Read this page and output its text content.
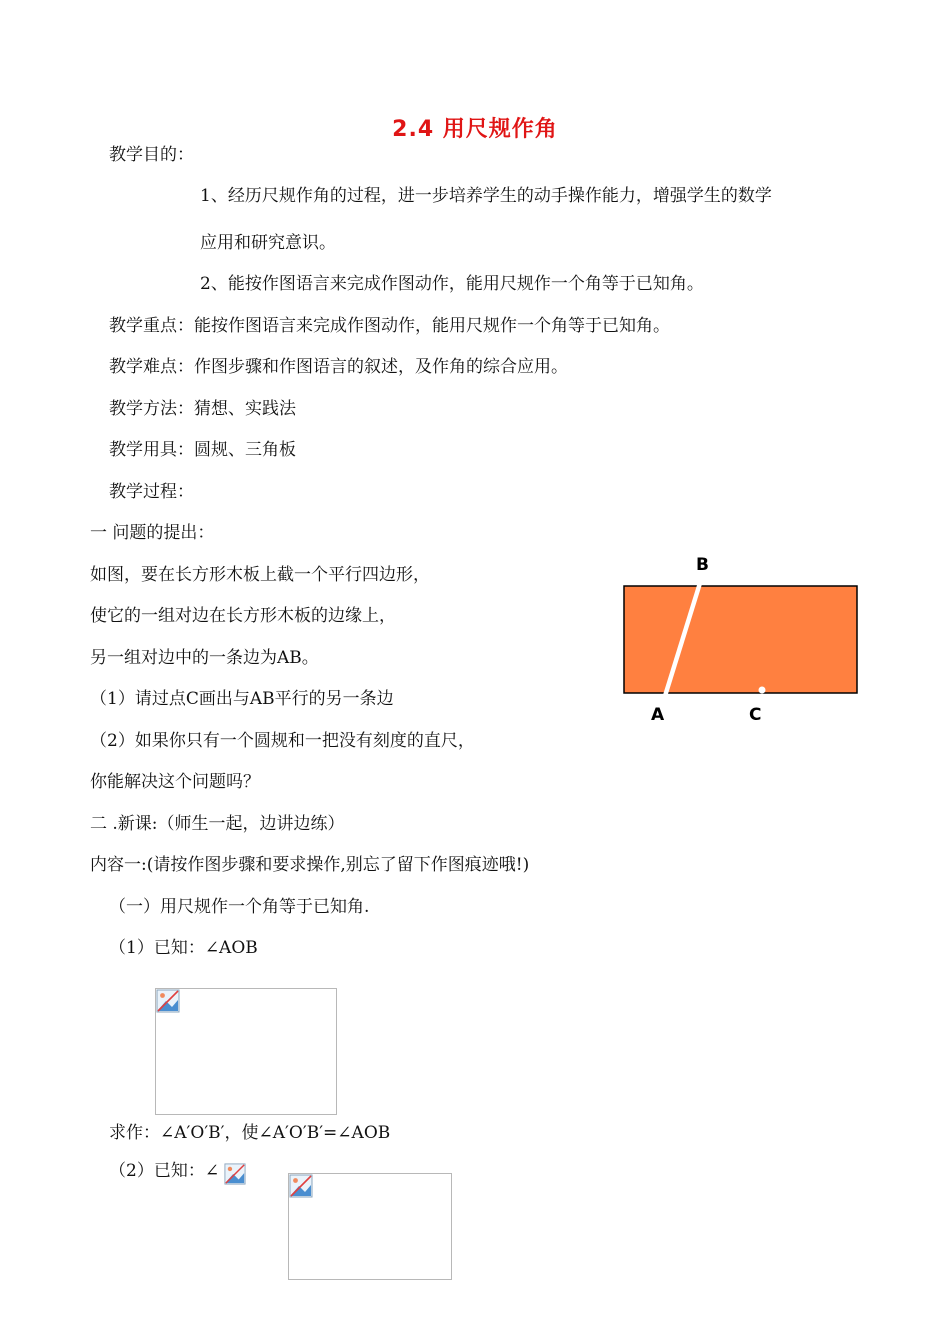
2.4 用尺规作角
教学目的：
1、经历尺规作角的过程，进一步培养学生的动手操作能力，增强学生的数学
应用和研究意识。
2、能按作图语言来完成作图动作，能用尺规作一个角等于已知角。
教学重点：能按作图语言来完成作图动作，能用尺规作一个角等于已知角。
教学难点：作图步骤和作图语言的叙述，及作角的综合应用。
教学方法：猜想、实践法
教学用具：圆规、三角板
教学过程：
一 问题的提出：
如图，要在长方形木板上截一个平行四边形，
使它的一组对边在长方形木板的边缘上，
另一组对边中的一条边为AB。
（1）请过点C画出与AB平行的另一条边
（2）如果你只有一个圆规和一把没有刻度的直尺，
你能解决这个问题吗？
B
A	C
二 .新课:（师生一起，边讲边练）
内容一:(请按作图步骤和要求操作,别忘了留下作图痕迹哦!)
（一）用尺规作一个角等于已知角.
（1）已知：∠AOB
求作：∠A′O′B′，使∠A′O′B′=∠AOB
（2）已知：∠
